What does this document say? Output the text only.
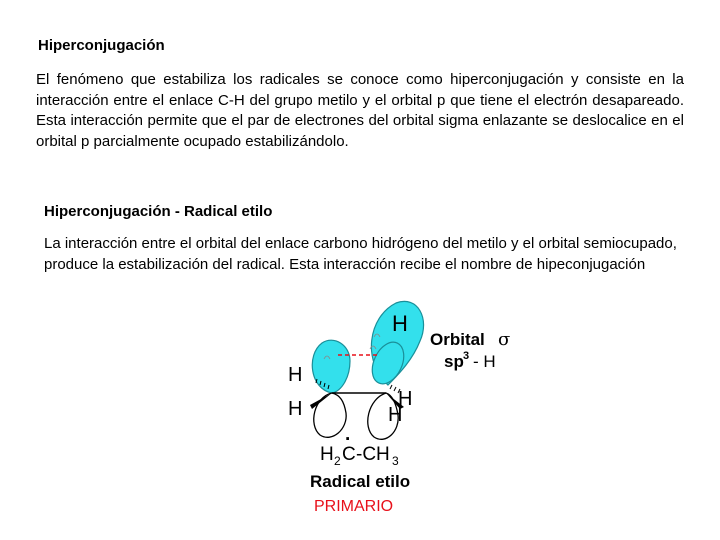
Hiperconjugación

El fenómeno que estabiliza los radicales se conoce como hiperconjugación y consiste en la interacción entre el enlace C-H del grupo metilo y el orbital p que tiene el electrón desapareado. Esta interacción permite que el par de electrones del orbital sigma enlazante se deslocalice en el orbital p parcialmente ocupado estabilizándolo.

Hiperconjugación - Radical etilo

La interacción entre el orbital del enlace carbono hidrógeno del metilo y el orbital semiocupado, produce la estabilización del radical. Esta interacción recibe el nombre de hipeconjugación

H
H
H	H
H
Orbital σ
sp 3 - H
H 2 C
·
-CH 3
Radical etilo
PRIMARIO
